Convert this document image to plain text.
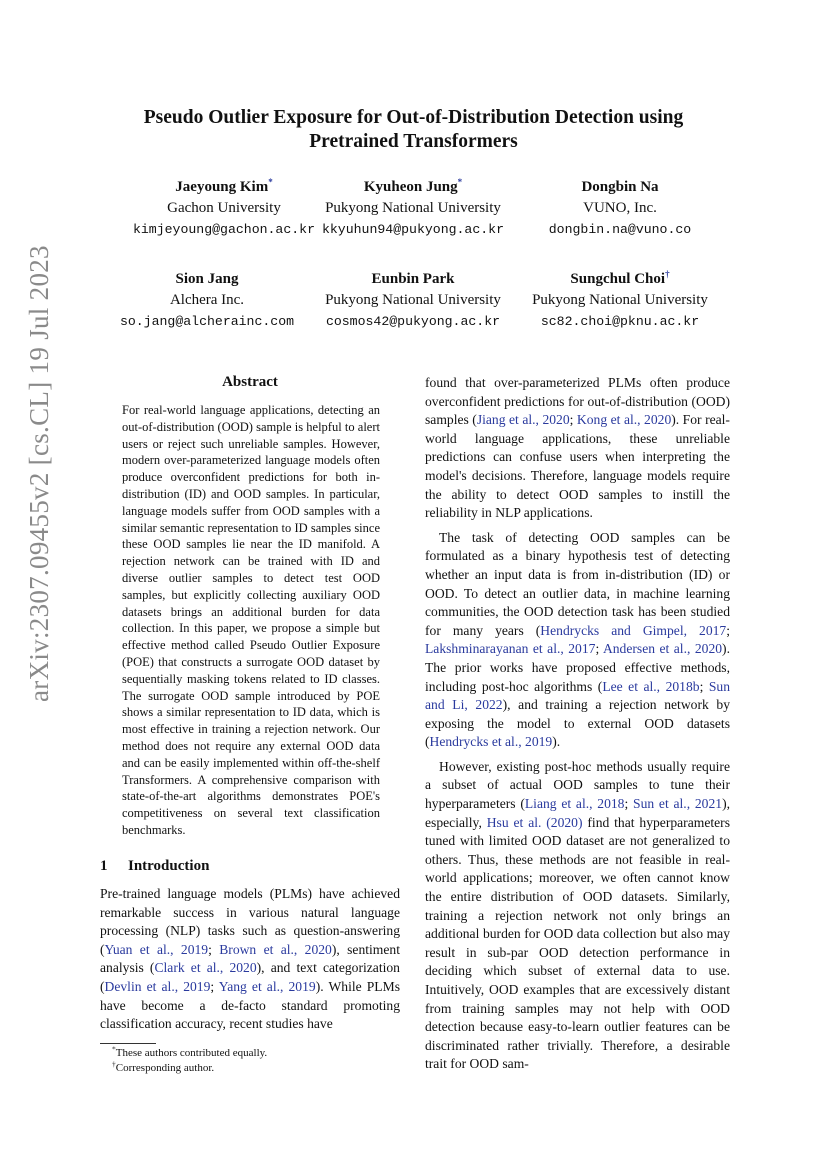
arXiv:2307.09455v2 [cs.CL] 19 Jul 2023
Pseudo Outlier Exposure for Out-of-Distribution Detection using
Pretrained Transformers
Jaeyoung Kim*
Gachon University
kimjeyoung@gachon.ac.kr
Kyuheon Jung*
Pukyong National University
kkyuhun94@pukyong.ac.kr
Dongbin Na
VUNO, Inc.
dongbin.na@vuno.co
Sion Jang
Alchera Inc.
so.jang@alcherainc.com
Eunbin Park
Pukyong National University
cosmos42@pukyong.ac.kr
Sungchul Choi†
Pukyong National University
sc82.choi@pknu.ac.kr
Abstract
For real-world language applications, detecting an out-of-distribution (OOD) sample is helpful to alert users or reject such unreliable samples. However, modern over-parameterized language models often produce overconfident predictions for both in-distribution (ID) and OOD samples. In particular, language models suffer from OOD samples with a similar semantic representation to ID samples since these OOD samples lie near the ID manifold. A rejection network can be trained with ID and diverse outlier samples to detect test OOD samples, but explicitly collecting auxiliary OOD datasets brings an additional burden for data collection. In this paper, we propose a simple but effective method called Pseudo Outlier Exposure (POE) that constructs a surrogate OOD dataset by sequentially masking tokens related to ID classes. The surrogate OOD sample introduced by POE shows a similar representation to ID data, which is most effective in training a rejection network. Our method does not require any external OOD data and can be easily implemented within off-the-shelf Transformers. A comprehensive comparison with state-of-the-art algorithms demonstrates POE's competitiveness on several text classification benchmarks.
1 Introduction
Pre-trained language models (PLMs) have achieved remarkable success in various natural language processing (NLP) tasks such as question-answering (Yuan et al., 2019; Brown et al., 2020), sentiment analysis (Clark et al., 2020), and text categorization (Devlin et al., 2019; Yang et al., 2019). While PLMs have become a de-facto standard promoting classification accuracy, recent studies have
*These authors contributed equally.
†Corresponding author.

found that over-parameterized PLMs often produce overconfident predictions for out-of-distribution (OOD) samples (Jiang et al., 2020; Kong et al., 2020). For real-world language applications, these unreliable predictions can confuse users when interpreting the model's decisions. Therefore, language models require the ability to detect OOD samples to instill the reliability in NLP applications.

The task of detecting OOD samples can be formulated as a binary hypothesis test of detecting whether an input data is from in-distribution (ID) or OOD. To detect an outlier data, in machine learning communities, the OOD detection task has been studied for many years (Hendrycks and Gimpel, 2017; Lakshminarayanan et al., 2017; Andersen et al., 2020). The prior works have proposed effective methods, including post-hoc algorithms (Lee et al., 2018b; Sun and Li, 2022), and training a rejection network by exposing the model to external OOD datasets (Hendrycks et al., 2019).

However, existing post-hoc methods usually require a subset of actual OOD samples to tune their hyperparameters (Liang et al., 2018; Sun et al., 2021), especially, Hsu et al. (2020) find that hyperparameters tuned with limited OOD dataset are not generalized to others. Thus, these methods are not feasible in real-world applications; moreover, we often cannot know the entire distribution of OOD datasets. Similarly, training a rejection network not only brings an additional burden for OOD data collection but also may result in sub-par OOD detection performance in deciding which subset of external data to use. Intuitively, OOD examples that are excessively distant from training samples may not help with OOD detection because easy-to-learn outlier features can be discriminated rather trivially. Therefore, a desirable trait for OOD sam-
